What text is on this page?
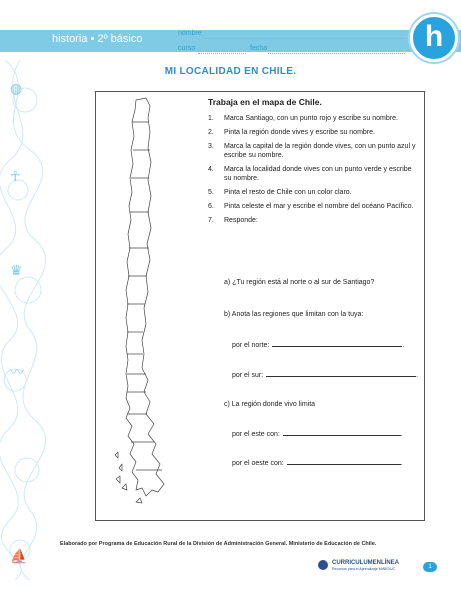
historia • 2º básico	nombre
curso	fecha	h
MI LOCALIDAD EN CHILE.
◍
☥
♛
〰
⛵
Trabaja en el mapa de Chile.
1. Marca Santiago, con un punto rojo y escribe su nombre.
2. Pinta la región donde vives y escribe su nombre.
3. Marca la capital de la región donde vives, con un punto azul y escribe su nombre.
4. Marca la localidad donde vives con un punto verde y escribe su nombre.
5. Pinta el resto de Chile con un color claro.
6. Pinta celeste el mar y escribe el nombre del océano Pacífico.
7. Responde:
a) ¿Tu región está al norte o al sur de Santiago?
b) Anota las regiones que limitan con la tuya:
por el norte:	.
por el sur:	.
c) La región donde vivo limita
por el este con:	.
por el oeste con:	.
Elaborado por Programa de Educación Rural de la División de Administración General. Ministerio de Educación de Chile.
CURRICULUMENLÍNEA
Recursos para el Aprendizaje MINEDUC	1
